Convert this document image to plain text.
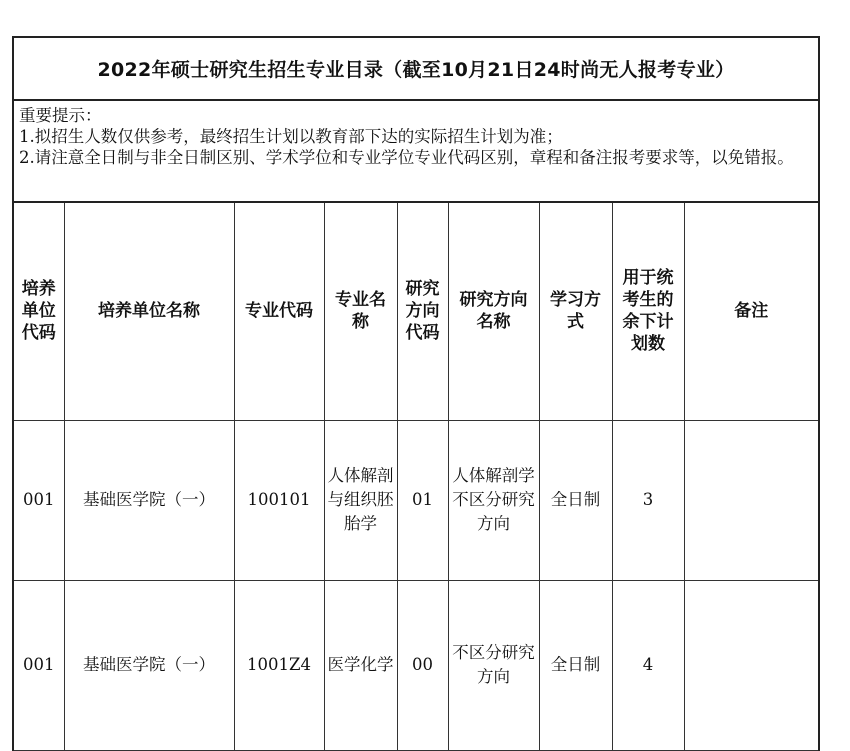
2022年硕士研究生招生专业目录（截至10月21日24时尚无人报考专业）
重要提示：
1.拟招生人数仅供参考，最终招生计划以教育部下达的实际招生计划为准；
2.请注意全日制与非全日制区别、学术学位和专业学位专业代码区别，章程和备注报考要求等，以免错报。
培养单位代码	培养单位名称	专业代码	专业名称	研究方向代码	研究方向名称	学习方式	用于统考生的余下计划数	备注
001	基础医学院（一）	100101	人体解剖与组织胚胎学	01	人体解剖学不区分研究方向	全日制	3	
001	基础医学院（一）	1001Z4	医学化学	00	不区分研究方向	全日制	4	
